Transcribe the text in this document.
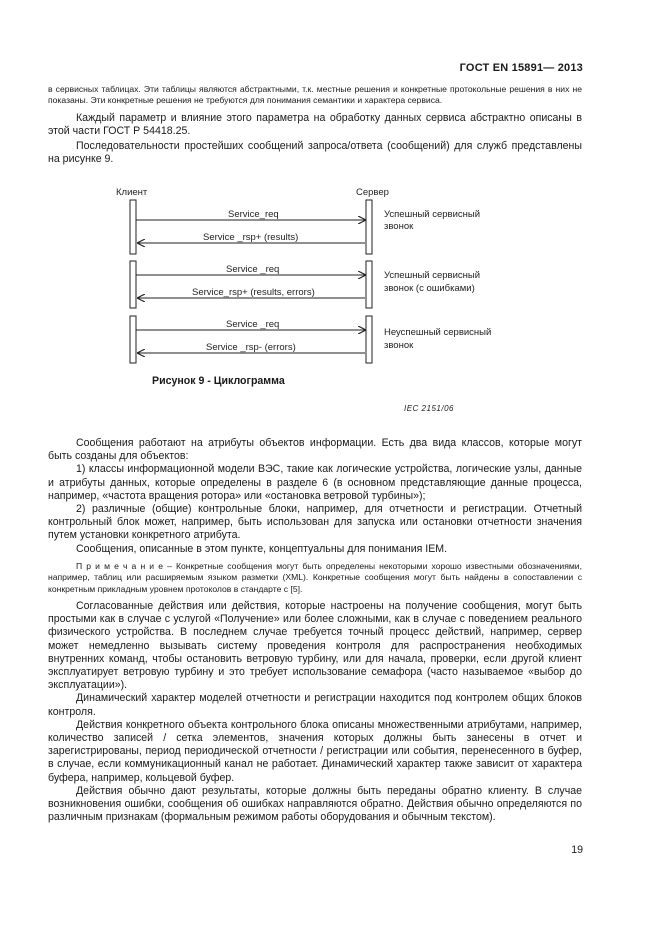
ГОСТ EN 15891— 2013

в сервисных таблицах. Эти таблицы являются абстрактными, т.к. местные решения и конкретные протокольные решения в них не показаны. Эти конкретные решения не требуются для понимания семантики и характера сервиса.

Каждый параметр и влияние этого параметра на обработку данных сервиса абстрактно описаны в этой части ГОСТ Р 54418.25.

Последовательности простейших сообщений запроса/ответа (сообщений) для служб представлены на рисунке 9.

Клиент	Сервер
Service_req
Service _rsp+ (results)
Успешный сервисный
звонок
Service _req
Service_rsp+ (results, errors)
Успешный сервисный
звонок (с ошибками)
Service _req
Service _rsp- (errors)
Неуспешный сервисный
звонок
Рисунок 9 - Циклограмма
IEC 2151/06

Сообщения работают на атрибуты объектов информации. Есть два вида классов, которые могут быть созданы для объектов:

1) классы информационной модели ВЭС, такие как логические устройства, логические узлы, данные и атрибуты данных, которые определены в разделе 6 (в основном представляющие данные процесса, например, «частота вращения ротора» или «остановка ветровой турбины»);

2) различные (общие) контрольные блоки, например, для отчетности и регистрации. Отчетный контрольный блок может, например, быть использован для запуска или остановки отчетности значения путем установки конкретного атрибута.

Сообщения, описанные в этом пункте, концептуальны для понимания IEM.

П р и м е ч а н и е – Конкретные сообщения могут быть определены некоторыми хорошо известными обозначениями, например, таблиц или расширяемым языком разметки (XML). Конкретные сообщения могут быть найдены в сопоставлении с конкретным прикладным уровнем протоколов в стандарте с [5].

Согласованные действия или действия, которые настроены на получение сообщения, могут быть простыми как в случае с услугой «Получение» или более сложными, как в случае с поведением реального физического устройства. В последнем случае требуется точный процесс действий, например, сервер может немедленно вызывать систему проведения контроля для распространения необходимых внутренних команд, чтобы остановить ветровую турбину, или для начала, проверки, если другой клиент эксплуатирует ветровую турбину и это требует использование семафора (часто называемое «выбор до эксплуатации»).

Динамический характер моделей отчетности и регистрации находится под контролем общих блоков контроля.

Действия конкретного объекта контрольного блока описаны множественными атрибутами, например, количество записей / сетка элементов, значения которых должны быть занесены в отчет и зарегистрированы, период периодической отчетности / регистрации или события, перенесенного в буфер, в случае, если коммуникационный канал не работает. Динамический характер также зависит от характера буфера, например, кольцевой буфер.

Действия обычно дают результаты, которые должны быть переданы обратно клиенту. В случае возникновения ошибки, сообщения об ошибках направляются обратно. Действия обычно определяются по различным признакам (формальным режимом работы оборудования и обычным текстом).

19
